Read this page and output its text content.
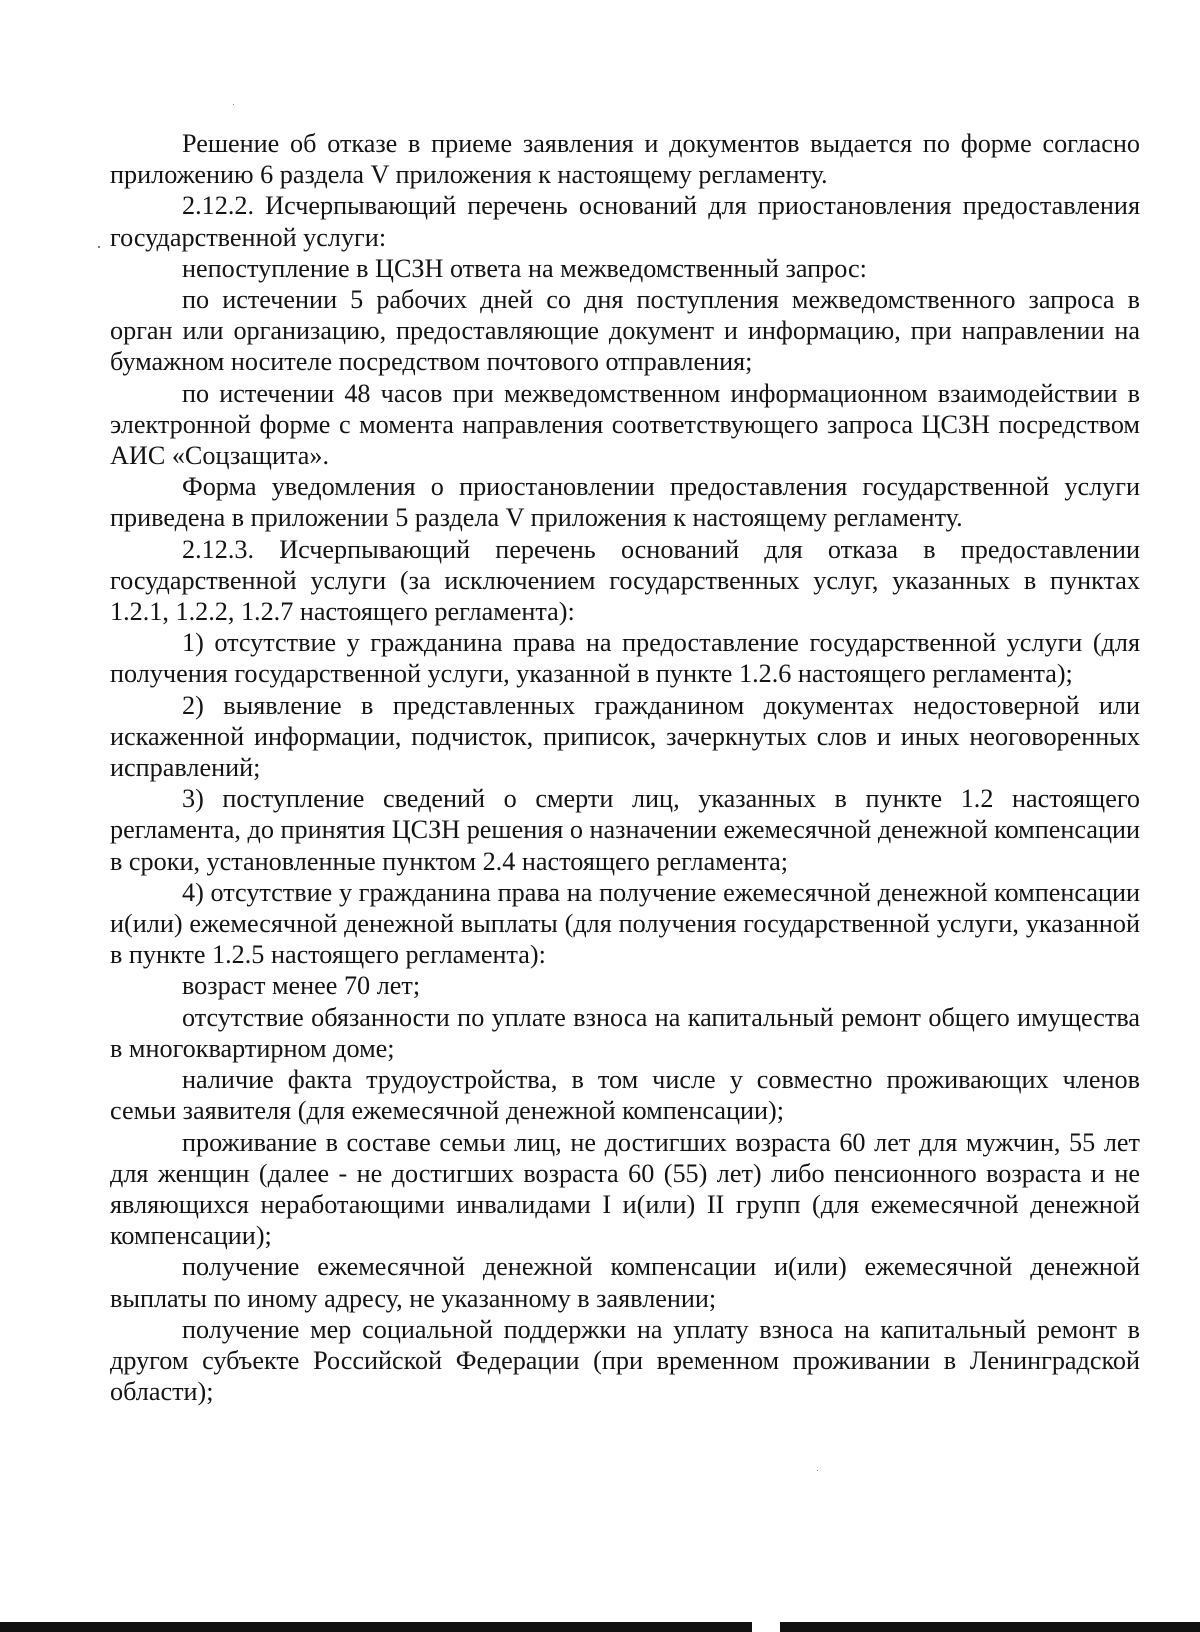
Решение об отказе в приеме заявления и документов выдается по форме согласно приложению 6 раздела V приложения к настоящему регламенту.

2.12.2. Исчерпывающий перечень оснований для приостановления предоставления государственной услуги:

непоступление в ЦСЗН ответа на межведомственный запрос:

по истечении 5 рабочих дней со дня поступления межведомственного запроса в орган или организацию, предоставляющие документ и информацию, при направлении на бумажном носителе посредством почтового отправления;

по истечении 48 часов при межведомственном информационном взаимодействии в электронной форме с момента направления соответствующего запроса ЦСЗН посредством АИС «Соцзащита».

Форма уведомления о приостановлении предоставления государственной услуги приведена в приложении 5 раздела V приложения к настоящему регламенту.

2.12.3. Исчерпывающий перечень оснований для отказа в предоставлении государственной услуги (за исключением государственных услуг, указанных в пунктах 1.2.1, 1.2.2, 1.2.7 настоящего регламента):

1) отсутствие у гражданина права на предоставление государственной услуги (для получения государственной услуги, указанной в пункте 1.2.6 настоящего регламента);

2) выявление в представленных гражданином документах недостоверной или искаженной информации, подчисток, приписок, зачеркнутых слов и иных неоговоренных исправлений;

3) поступление сведений о смерти лиц, указанных в пункте 1.2 настоящего регламента, до принятия ЦСЗН решения о назначении ежемесячной денежной компенсации в сроки, установленные пунктом 2.4 настоящего регламента;

4) отсутствие у гражданина права на получение ежемесячной денежной компенсации и(или) ежемесячной денежной выплаты (для получения государственной услуги, указанной в пункте 1.2.5 настоящего регламента):

возраст менее 70 лет;

отсутствие обязанности по уплате взноса на капитальный ремонт общего имущества в многоквартирном доме;

наличие факта трудоустройства, в том числе у совместно проживающих членов семьи заявителя (для ежемесячной денежной компенсации);

проживание в составе семьи лиц, не достигших возраста 60 лет для мужчин, 55 лет для женщин (далее - не достигших возраста 60 (55) лет) либо пенсионного возраста и не являющихся неработающими инвалидами I и(или) II групп (для ежемесячной денежной компенсации);

получение ежемесячной денежной компенсации и(или) ежемесячной денежной выплаты по иному адресу, не указанному в заявлении;

получение мер социальной поддержки на уплату взноса на капитальный ремонт в другом субъекте Российской Федерации (при временном проживании в Ленинградской области);
